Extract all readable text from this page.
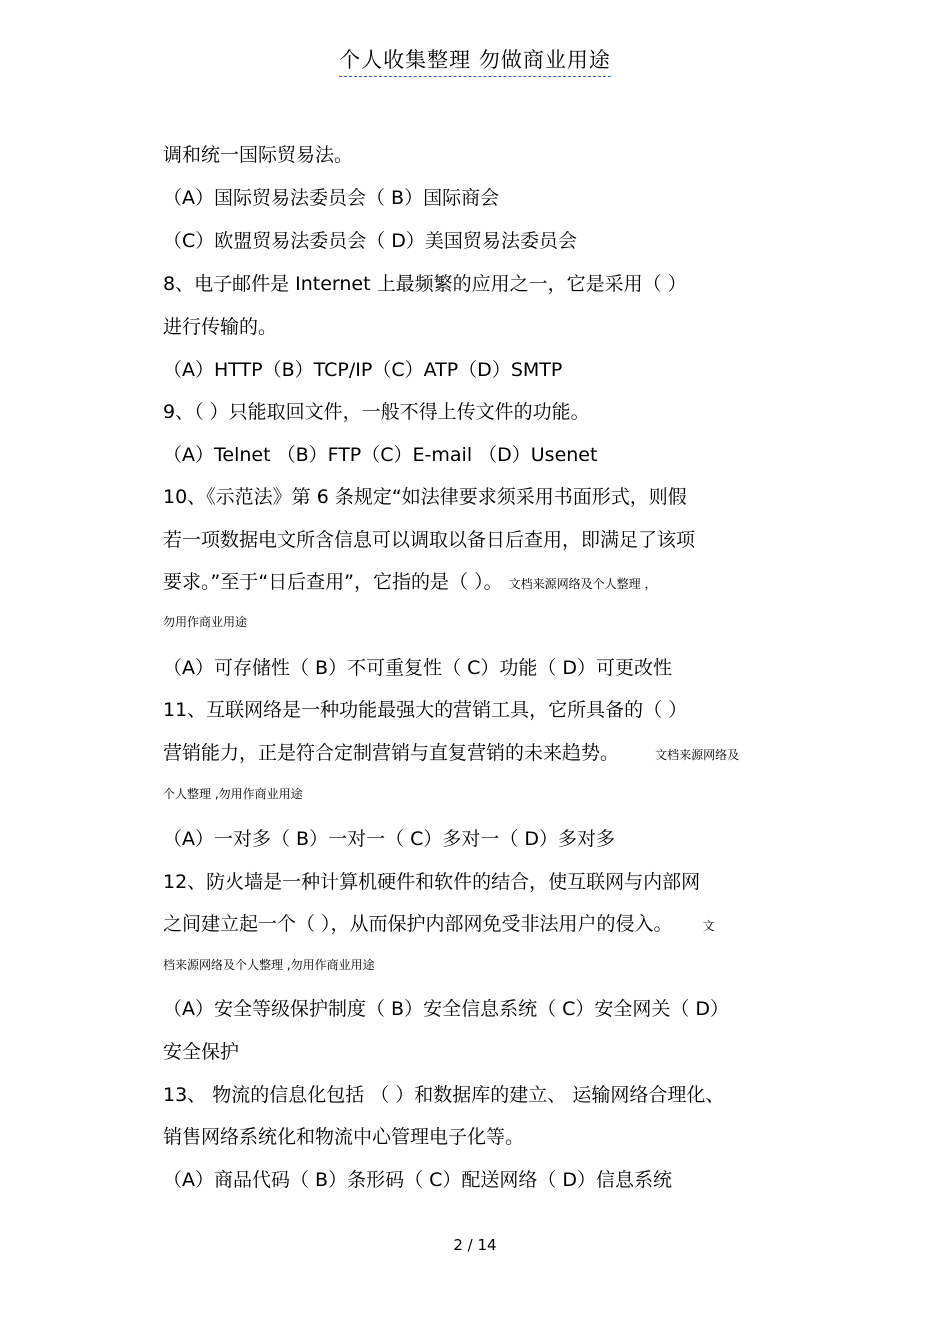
个人收集整理 勿做商业用途
调和统一国际贸易法。
（A）国际贸易法委员会（ B）国际商会
（C）欧盟贸易法委员会（ D）美国贸易法委员会
8、电子邮件是 Internet 上最频繁的应用之一，它是采用（ ）
进行传输的。
（A）HTTP（B）TCP/IP（C）ATP（D）SMTP
9、（ ）只能取回文件，一般不得上传文件的功能。
（A）Telnet （B）FTP（C）E-mail （D）Usenet
10、《示范法》第 6 条规定“如法律要求须采用书面形式，则假
若一项数据电文所含信息可以调取以备日后查用，即满足了该项
要求。”至于“日后查用”，它指的是（ ）。 文档来源网络及个人整理 ，
勿用作商业用途
（A）可存储性（ B）不可重复性（ C）功能（ D）可更改性
11、互联网络是一种功能最强大的营销工具，它所具备的（ ）
营销能力，正是符合定制营销与直复营销的未来趋势。	文档来源网络及
个人整理 ,勿用作商业用途
（A）一对多（ B）一对一（ C）多对一（ D）多对多
12、防火墙是一种计算机硬件和软件的结合，使互联网与内部网
之间建立起一个（ ），从而保护内部网免受非法用户的侵入。	文
档来源网络及个人整理 ,勿用作商业用途
（A）安全等级保护制度（ B）安全信息系统（ C）安全网关（ D）
安全保护
13、 物流的信息化包括 （ ）和数据库的建立、 运输网络合理化、
销售网络系统化和物流中心管理电子化等。
（A）商品代码（ B）条形码（ C）配送网络（ D）信息系统
2 / 14
